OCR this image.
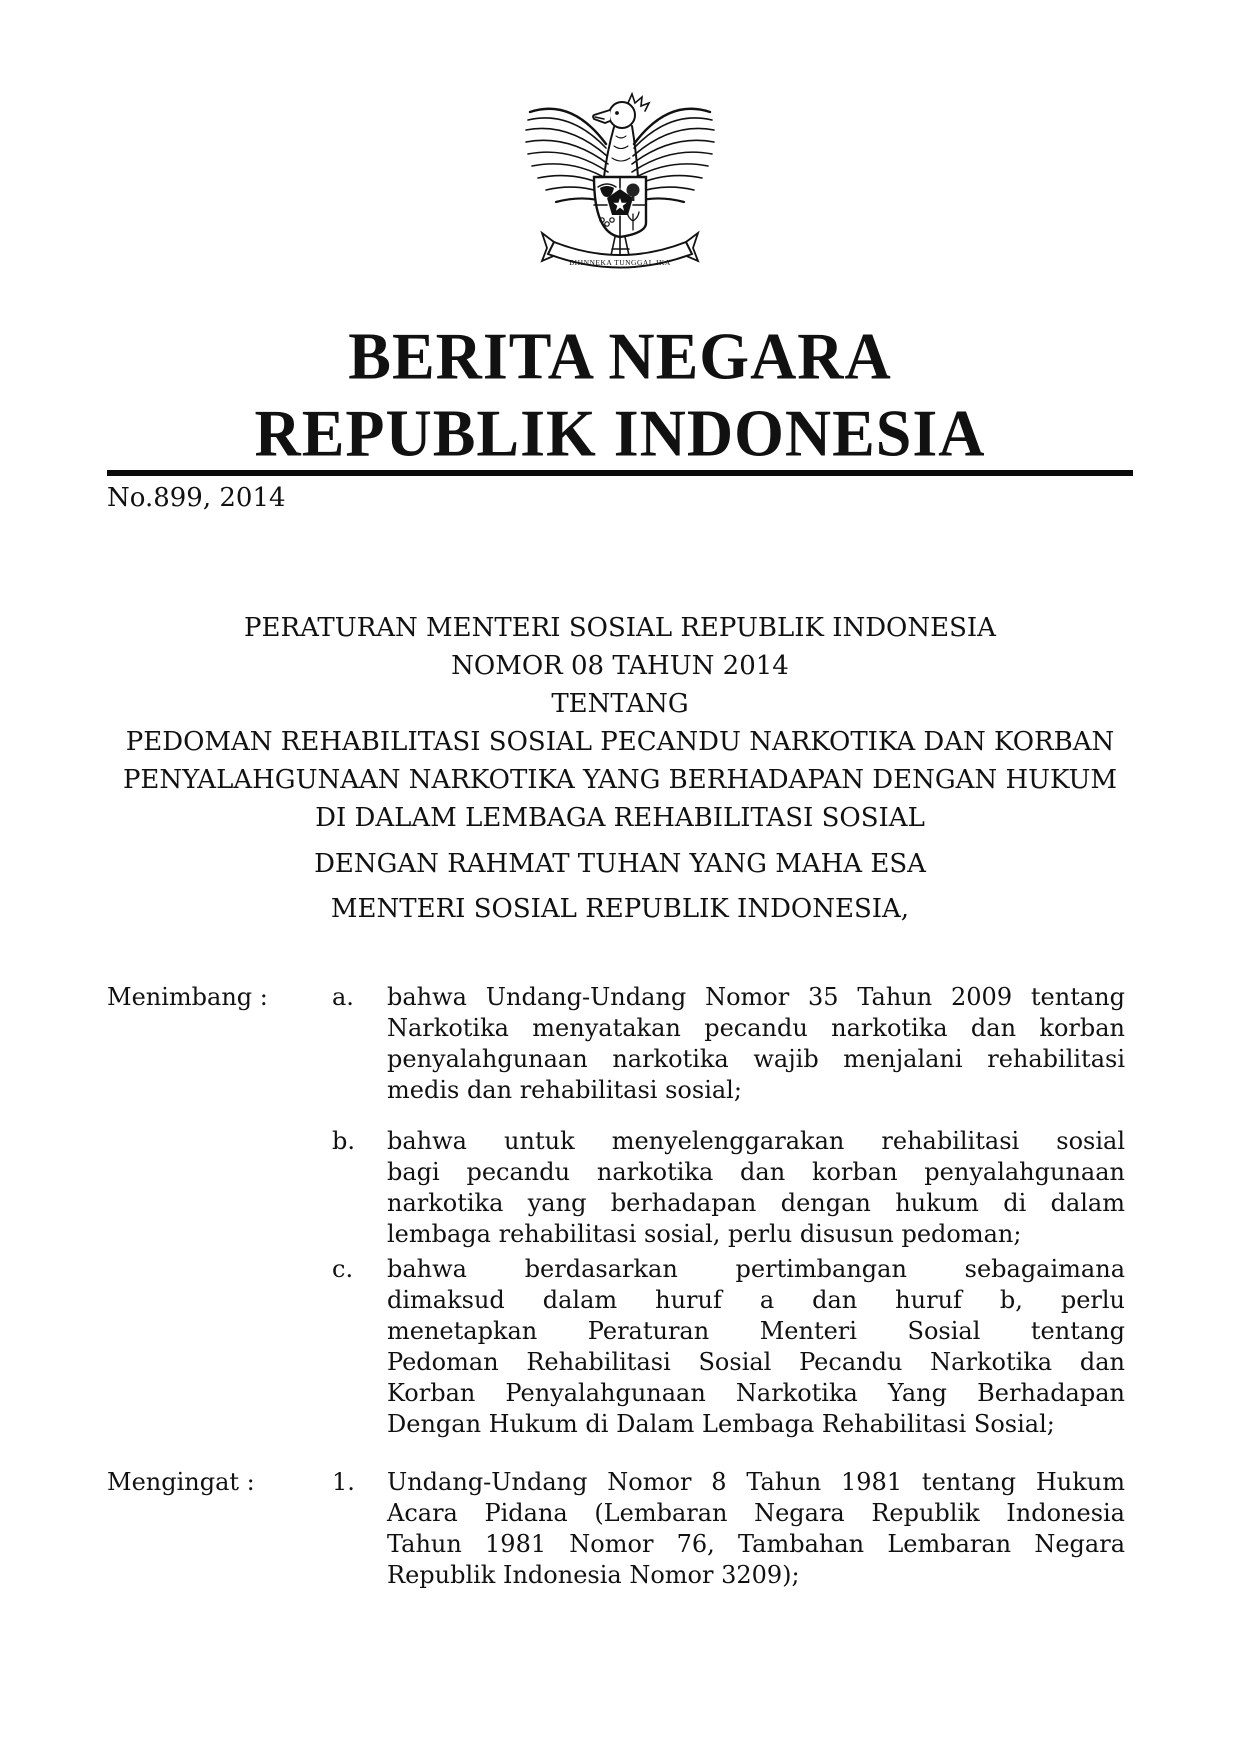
BHINNEKA TUNGGAL IKA
BERITA NEGARA
REPUBLIK INDONESIA
No.899, 2014
PERATURAN MENTERI SOSIAL REPUBLIK INDONESIA
NOMOR 08 TAHUN 2014
TENTANG
PEDOMAN REHABILITASI SOSIAL PECANDU NARKOTIKA DAN KORBAN
PENYALAHGUNAAN NARKOTIKA YANG BERHADAPAN DENGAN HUKUM
DI DALAM LEMBAGA REHABILITASI SOSIAL
DENGAN RAHMAT TUHAN YANG MAHA ESA
MENTERI SOSIAL REPUBLIK INDONESIA,
Menimbang :	a.	bahwa Undang-Undang Nomor 35 Tahun 2009 tentang
Narkotika menyatakan pecandu narkotika dan korban
penyalahgunaan narkotika wajib menjalani rehabilitasi
medis dan rehabilitasi sosial;
b.	bahwa untuk menyelenggarakan rehabilitasi sosial
bagi pecandu narkotika dan korban penyalahgunaan
narkotika yang berhadapan dengan hukum di dalam
lembaga rehabilitasi sosial, perlu disusun pedoman;
c.	bahwa berdasarkan pertimbangan sebagaimana
dimaksud dalam huruf a dan huruf b, perlu
menetapkan Peraturan Menteri Sosial tentang
Pedoman Rehabilitasi Sosial Pecandu Narkotika dan
Korban Penyalahgunaan Narkotika Yang Berhadapan
Dengan Hukum di Dalam Lembaga Rehabilitasi Sosial;
Mengingat :	1.	Undang-Undang Nomor 8 Tahun 1981 tentang Hukum
Acara Pidana (Lembaran Negara Republik Indonesia
Tahun 1981 Nomor 76, Tambahan Lembaran Negara
Republik Indonesia Nomor 3209);
